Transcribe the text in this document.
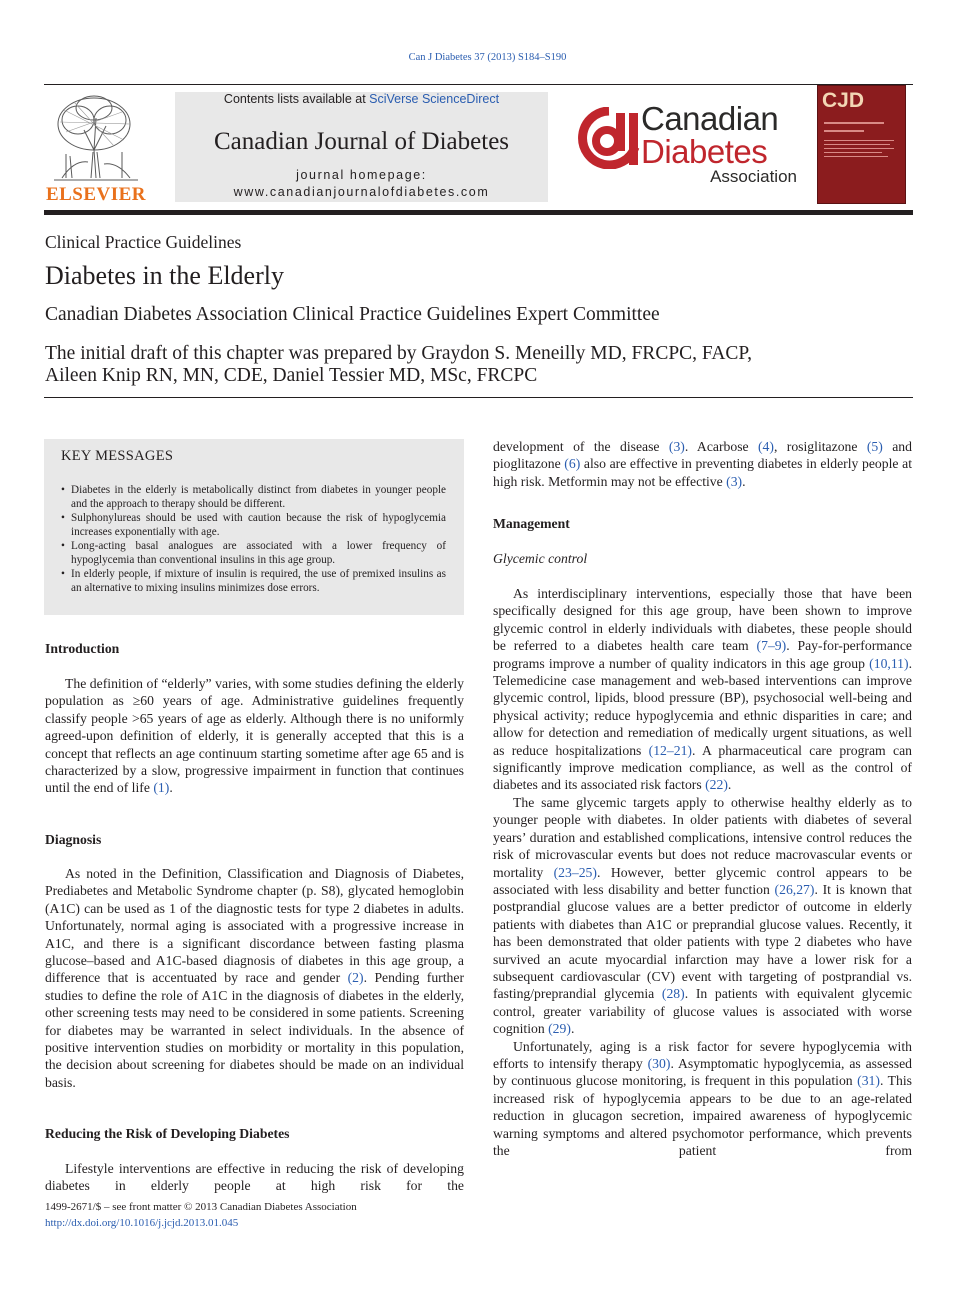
Can J Diabetes 37 (2013) S184–S190
ELSEVIER
Contents lists available at SciVerse ScienceDirect
Canadian Journal of Diabetes
journal homepage:
www.canadianjournalofdiabetes.com
Canadian
Diabetes
Association
CJD
Clinical Practice Guidelines
Diabetes in the Elderly
Canadian Diabetes Association Clinical Practice Guidelines Expert Committee
The initial draft of this chapter was prepared by Graydon S. Meneilly MD, FRCPC, FACP,
Aileen Knip RN, MN, CDE, Daniel Tessier MD, MSc, FRCPC
KEY MESSAGES
• Diabetes in the elderly is metabolically distinct from diabetes in younger people and the approach to therapy should be different.
• Sulphonylureas should be used with caution because the risk of hypoglycemia increases exponentially with age.
• Long-acting basal analogues are associated with a lower frequency of hypoglycemia than conventional insulins in this age group.
• In elderly people, if mixture of insulin is required, the use of premixed insulins as an alternative to mixing insulins minimizes dose errors.
Introduction

The definition of “elderly” varies, with some studies defining the elderly population as ≥60 years of age. Administrative guidelines frequently classify people >65 years of age as elderly. Although there is no uniformly agreed-upon definition of elderly, it is generally accepted that this is a concept that reflects an age continuum starting sometime after age 65 and is characterized by a slow, progressive impairment in function that continues until the end of life (1).

Diagnosis

As noted in the Definition, Classification and Diagnosis of Diabetes, Prediabetes and Metabolic Syndrome chapter (p. S8), glycated hemoglobin (A1C) can be used as 1 of the diagnostic tests for type 2 diabetes in adults. Unfortunately, normal aging is associated with a progressive increase in A1C, and there is a significant discordance between fasting plasma glucose–based and A1C-based diagnosis of diabetes in this age group, a difference that is accentuated by race and gender (2). Pending further studies to define the role of A1C in the diagnosis of diabetes in the elderly, other screening tests may need to be considered in some patients. Screening for diabetes may be warranted in select individuals. In the absence of positive intervention studies on morbidity or mortality in this population, the decision about screening for diabetes should be made on an individual basis.

Reducing the Risk of Developing Diabetes

Lifestyle interventions are effective in reducing the risk of developing diabetes in elderly people at high risk for the

development of the disease (3). Acarbose (4), rosiglitazone (5) and pioglitazone (6) also are effective in preventing diabetes in elderly people at high risk. Metformin may not be effective (3).

Management
Glycemic control

As interdisciplinary interventions, especially those that have been specifically designed for this age group, have been shown to improve glycemic control in elderly individuals with diabetes, these people should be referred to a diabetes health care team (7–9). Pay-for-performance programs improve a number of quality indicators in this age group (10,11). Telemedicine case management and web-based interventions can improve glycemic control, lipids, blood pressure (BP), psychosocial well-being and physical activity; reduce hypoglycemia and ethnic disparities in care; and allow for detection and remediation of medically urgent situations, as well as reduce hospitalizations (12–21). A pharmaceutical care program can significantly improve medication compliance, as well as the control of diabetes and its associated risk factors (22).

The same glycemic targets apply to otherwise healthy elderly as to younger people with diabetes. In older patients with diabetes of several years’ duration and established complications, intensive control reduces the risk of microvascular events but does not reduce macrovascular events or mortality (23–25). However, better glycemic control appears to be associated with less disability and better function (26,27). It is known that postprandial glucose values are a better predictor of outcome in elderly patients with diabetes than A1C or preprandial glucose values. Recently, it has been demonstrated that older patients with type 2 diabetes who have survived an acute myocardial infarction may have a lower risk for a subsequent cardiovascular (CV) event with targeting of postprandial vs. fasting/preprandial glycemia (28). In patients with equivalent glycemic control, greater variability of glucose values is associated with worse cognition (29).

Unfortunately, aging is a risk factor for severe hypoglycemia with efforts to intensify therapy (30). Asymptomatic hypoglycemia, as assessed by continuous glucose monitoring, is frequent in this population (31). This increased risk of hypoglycemia appears to be due to an age-related reduction in glucagon secretion, impaired awareness of hypoglycemic warning symptoms and altered psychomotor performance, which prevents the patient from

1499-2671/$ – see front matter © 2013 Canadian Diabetes Association
http://dx.doi.org/10.1016/j.jcjd.2013.01.045
